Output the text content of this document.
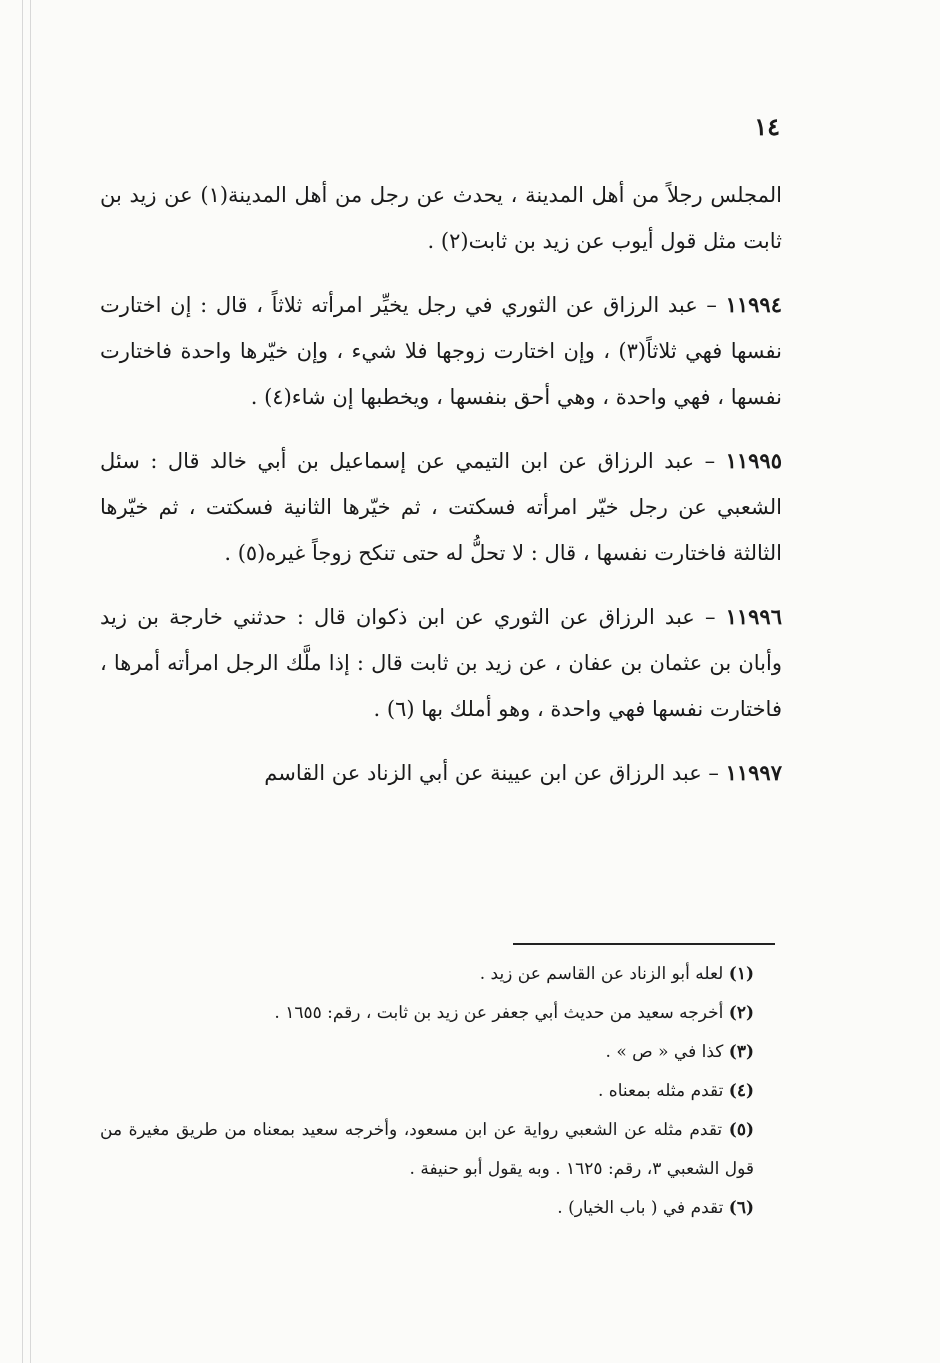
١٤

المجلس رجلاً من أهل المدينة ، يحدث عن رجل من أهل المدينة(١) عن زيد بن ثابت مثل قول أيوب عن زيد بن ثابت(٢) .

١١٩٩٤ – عبد الرزاق عن الثوري في رجل يخيِّر امرأته ثلاثاً ، قال : إن اختارت نفسها فهي ثلاثاً(٣) ، وإن اختارت زوجها فلا شيء ، وإن خيّرها واحدة فاختارت نفسها ، فهي واحدة ، وهي أحق بنفسها ، ويخطبها إن شاء(٤) .

١١٩٩٥ – عبد الرزاق عن ابن التيمي عن إسماعيل بن أبي خالد قال : سئل الشعبي عن رجل خيّر امرأته فسكتت ، ثم خيّرها الثانية فسكتت ، ثم خيّرها الثالثة فاختارت نفسها ، قال : لا تحلُّ له حتى تنكح زوجاً غيره(٥) .

١١٩٩٦ – عبد الرزاق عن الثوري عن ابن ذكوان قال : حدثني خارجة بن زيد وأبان بن عثمان بن عفان ، عن زيد بن ثابت قال : إذا ملَّك الرجل امرأته أمرها ، فاختارت نفسها فهي واحدة ، وهو أملك بها (٦) .

١١٩٩٧ – عبد الرزاق عن ابن عيينة عن أبي الزناد عن القاسم

(١) لعله أبو الزناد عن القاسم عن زيد .

(٢) أخرجه سعيد من حديث أبي جعفر عن زيد بن ثابت ، رقم: ١٦٥٥ .

(٣) كذا في « ص » .

(٤) تقدم مثله بمعناه .

(٥) تقدم مثله عن الشعبي رواية عن ابن مسعود، وأخرجه سعيد بمعناه من طريق مغيرة من قول الشعبي ٣، رقم: ١٦٢٥ . وبه يقول أبو حنيفة .

(٦) تقدم في ( باب الخيار) .
